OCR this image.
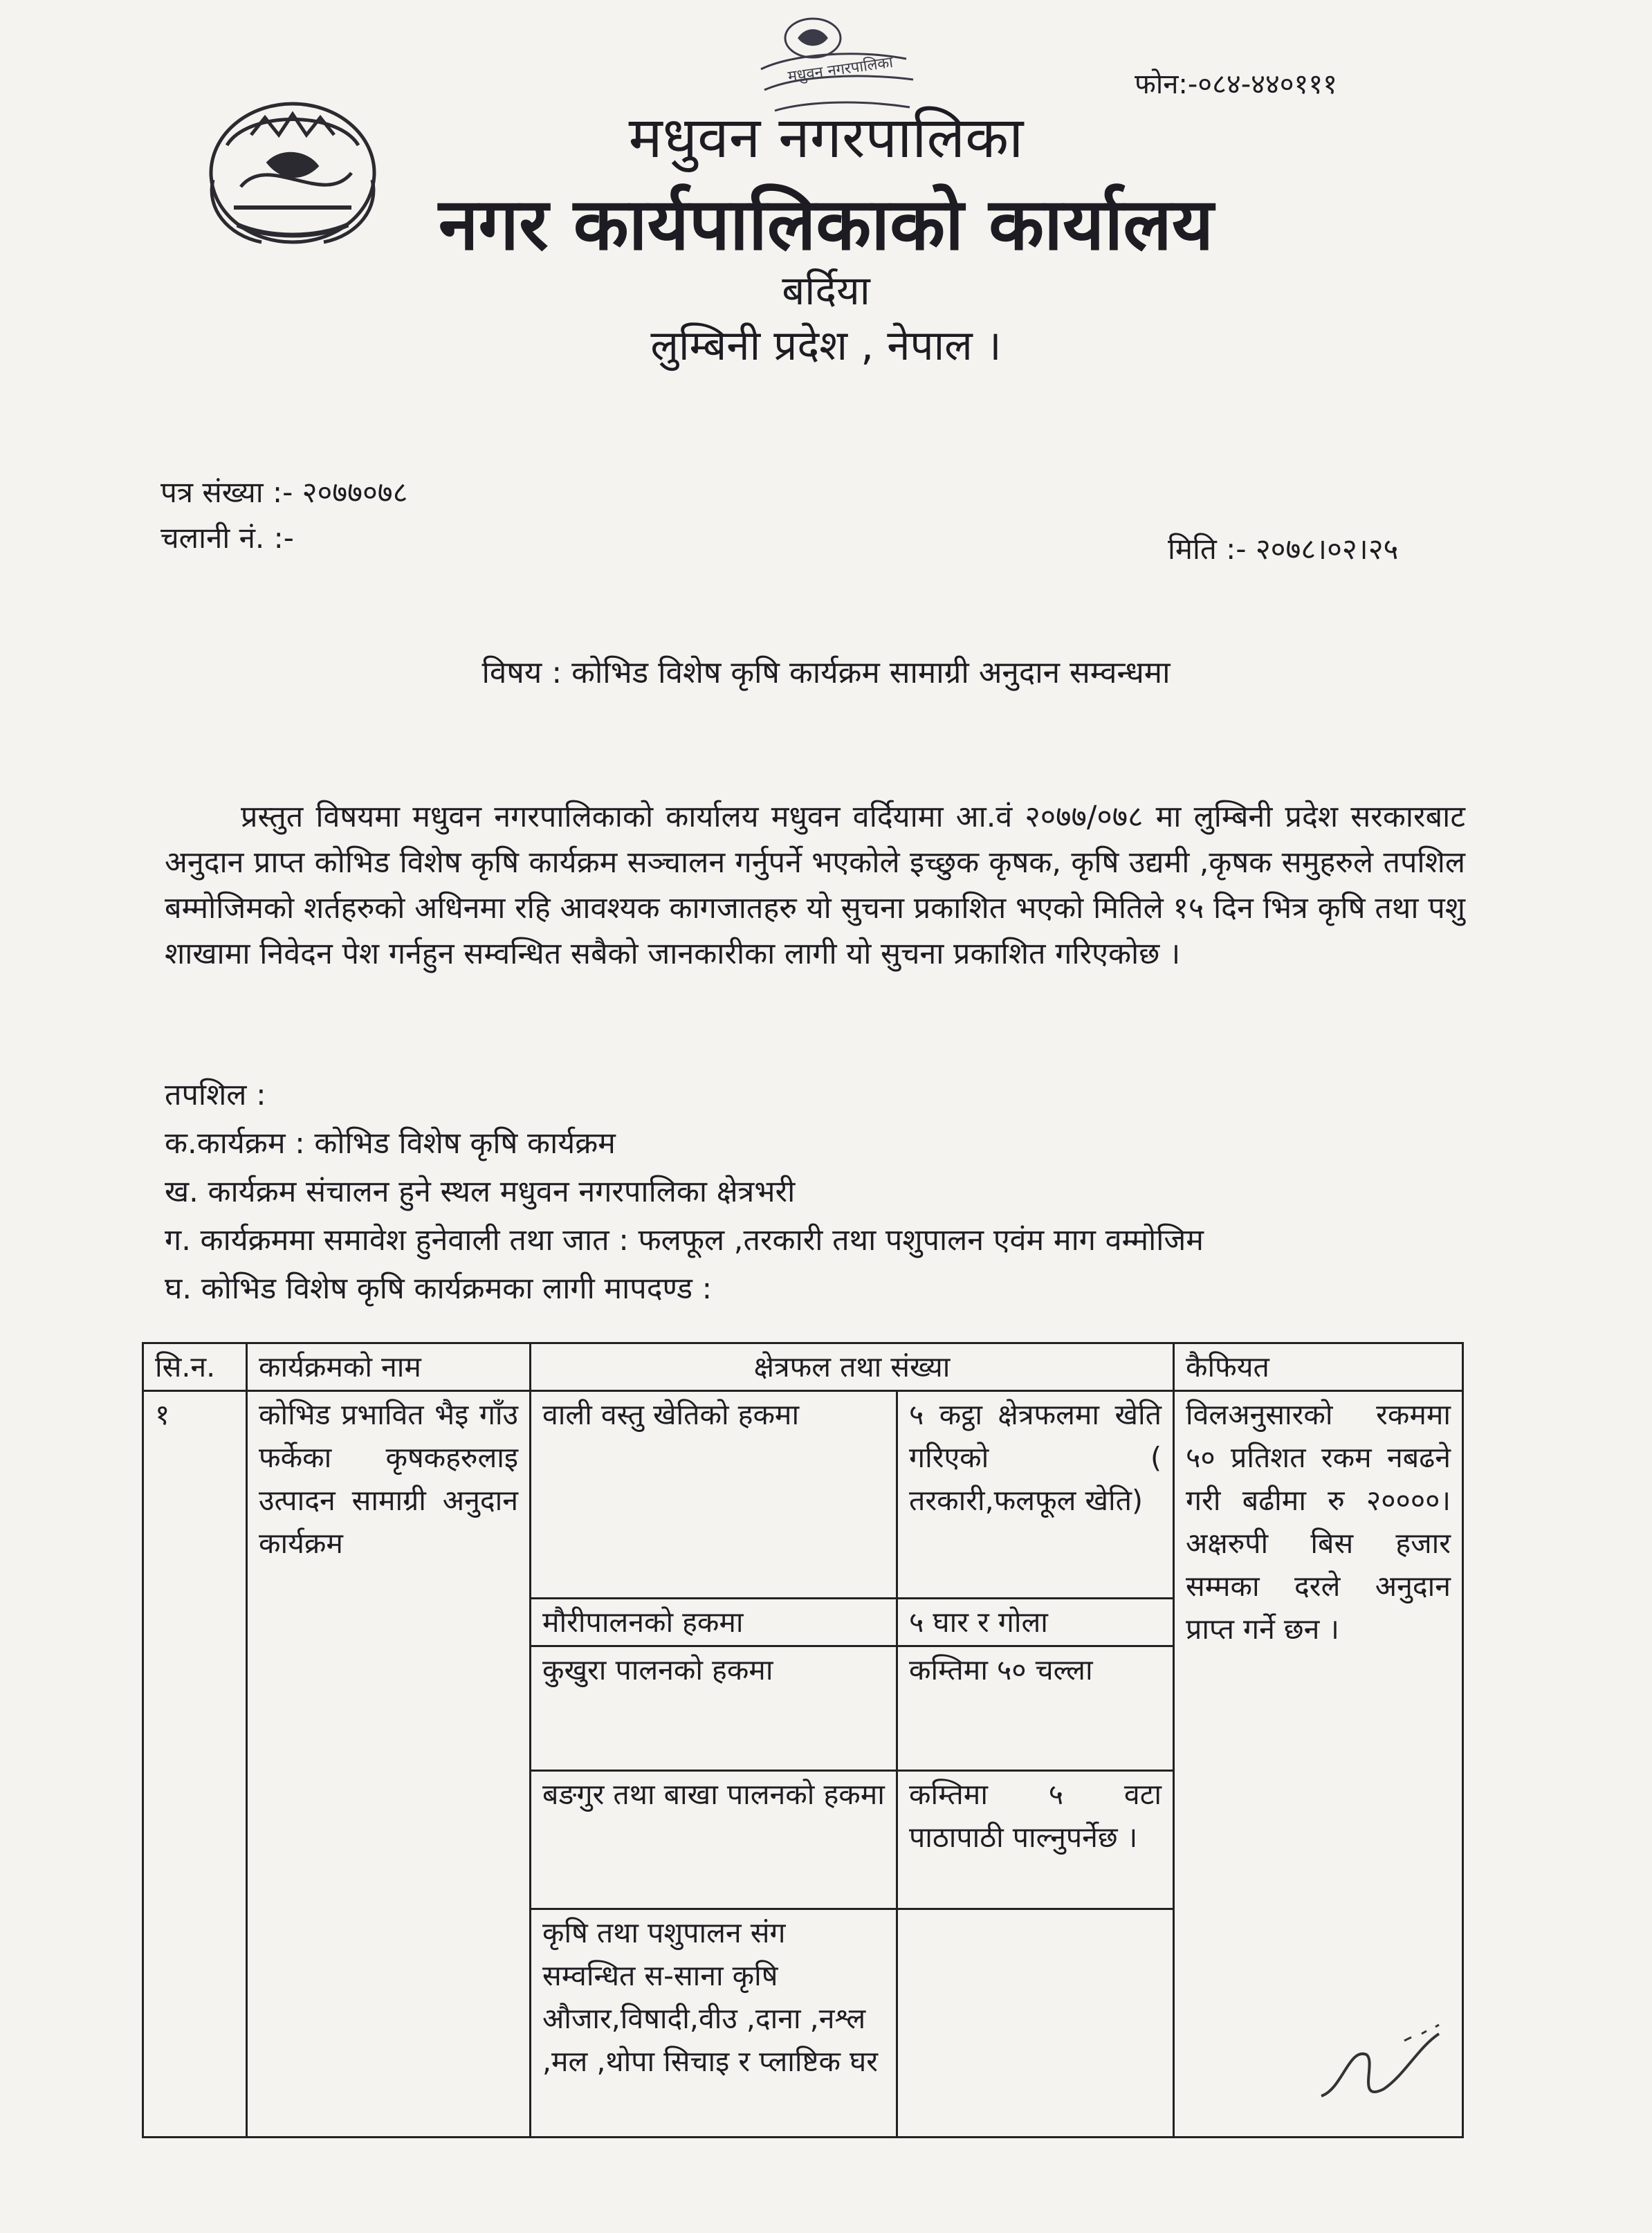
फोन:-०८४-४४०१११
मधुवन नगरपालिका
मधुवन नगरपालिका
नगर कार्यपालिकाको कार्यालय
बर्दिया
लुम्बिनी प्रदेश , नेपाल ।
पत्र संख्या :- २०७७०७८
चलानी नं. :-	मिति :- २०७८।०२।२५
विषय : कोभिड विशेष कृषि कार्यक्रम सामाग्री अनुदान सम्वन्धमा
प्रस्तुत विषयमा मधुवन नगरपालिकाको कार्यालय मधुवन वर्दियामा आ.वं २०७७/०७८ मा लुम्बिनी प्रदेश सरकारबाट अनुदान प्राप्त कोभिड विशेष कृषि कार्यक्रम सञ्चालन गर्नुपर्ने भएकोले इच्छुक कृषक, कृषि उद्यमी ,कृषक समुहरुले तपशिल बम्मोजिमको शर्तहरुको अधिनमा रहि आवश्यक कागजातहरु यो सुचना प्रकाशित भएको मितिले १५ दिन भित्र कृषि तथा पशु शाखामा निवेदन पेश गर्नहुन सम्वन्धित सबैको जानकारीका लागी यो सुचना प्रकाशित गरिएकोछ ।
तपशिल :
क.कार्यक्रम : कोभिड विशेष कृषि कार्यक्रम
ख. कार्यक्रम संचालन हुने स्थल मधुवन नगरपालिका क्षेत्रभरी
ग. कार्यक्रममा समावेश हुनेवाली तथा जात : फलफूल ,तरकारी तथा पशुपालन एवंम माग वम्मोजिम
घ. कोभिड विशेष कृषि कार्यक्रमका लागी मापदण्ड :
सि.न.	कार्यक्रमको नाम	क्षेत्रफल तथा संख्या		कैफियत
१	कोभिड प्रभावित भैइ गाँउ फर्केका कृषकहरुलाइ उत्पादन सामाग्री अनुदान कार्यक्रम	वाली वस्तु खेतिको हकमा	५ कट्ठा क्षेत्रफलमा खेति गरिएको ( तरकारी,फलफूल खेति)	विलअनुसारको रकममा ५० प्रतिशत रकम नबढने गरी बढीमा रु २००००। अक्षरुपी बिस हजार सम्मका दरले अनुदान प्राप्त गर्ने छन ।
		मौरीपालनको हकमा	५ घार र गोला	
		कुखुरा पालनको हकमा	कम्तिमा ५० चल्ला	
		बङगुर तथा बाखा पालनको हकमा	कम्तिमा ५ वटा पाठापाठी पाल्नुपर्नेछ ।	
		कृषि तथा पशुपालन संग सम्वन्धित स-साना कृषि औजार,विषादी,वीउ ,दाना ,नश्ल ,मल ,थोपा सिचाइ र प्लाष्टिक घर		
